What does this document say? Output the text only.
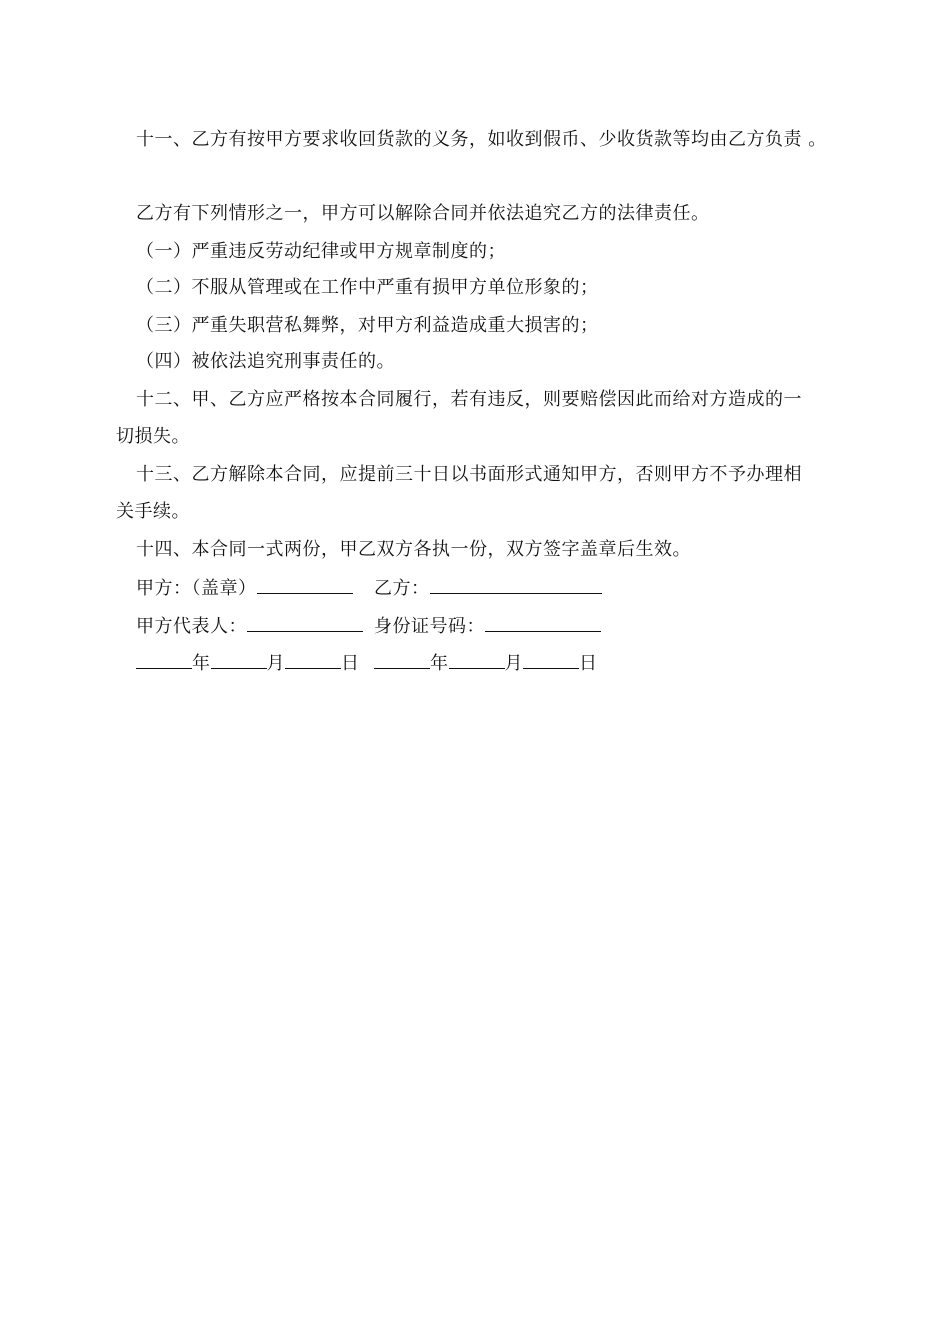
十一、乙方有按甲方要求收回货款的义务，如收到假币、少收货款等均由乙方负责 。
乙方有下列情形之一，甲方可以解除合同并依法追究乙方的法律责任。
（一）严重违反劳动纪律或甲方规章制度的；
（二）不服从管理或在工作中严重有损甲方单位形象的；
（三）严重失职营私舞弊，对甲方利益造成重大损害的；
（四）被依法追究刑事责任的。
十二、甲、乙方应严格按本合同履行，若有违反，则要赔偿因此而给对方造成的一
切损失。
十三、乙方解除本合同，应提前三十日以书面形式通知甲方，否则甲方不予办理相
关手续。
十四、本合同一式两份，甲乙双方各执一份，双方签字盖章后生效。
甲方：（盖章）	乙方：
甲方代表人：	身份证号码：
年	月	日	年	月	日
